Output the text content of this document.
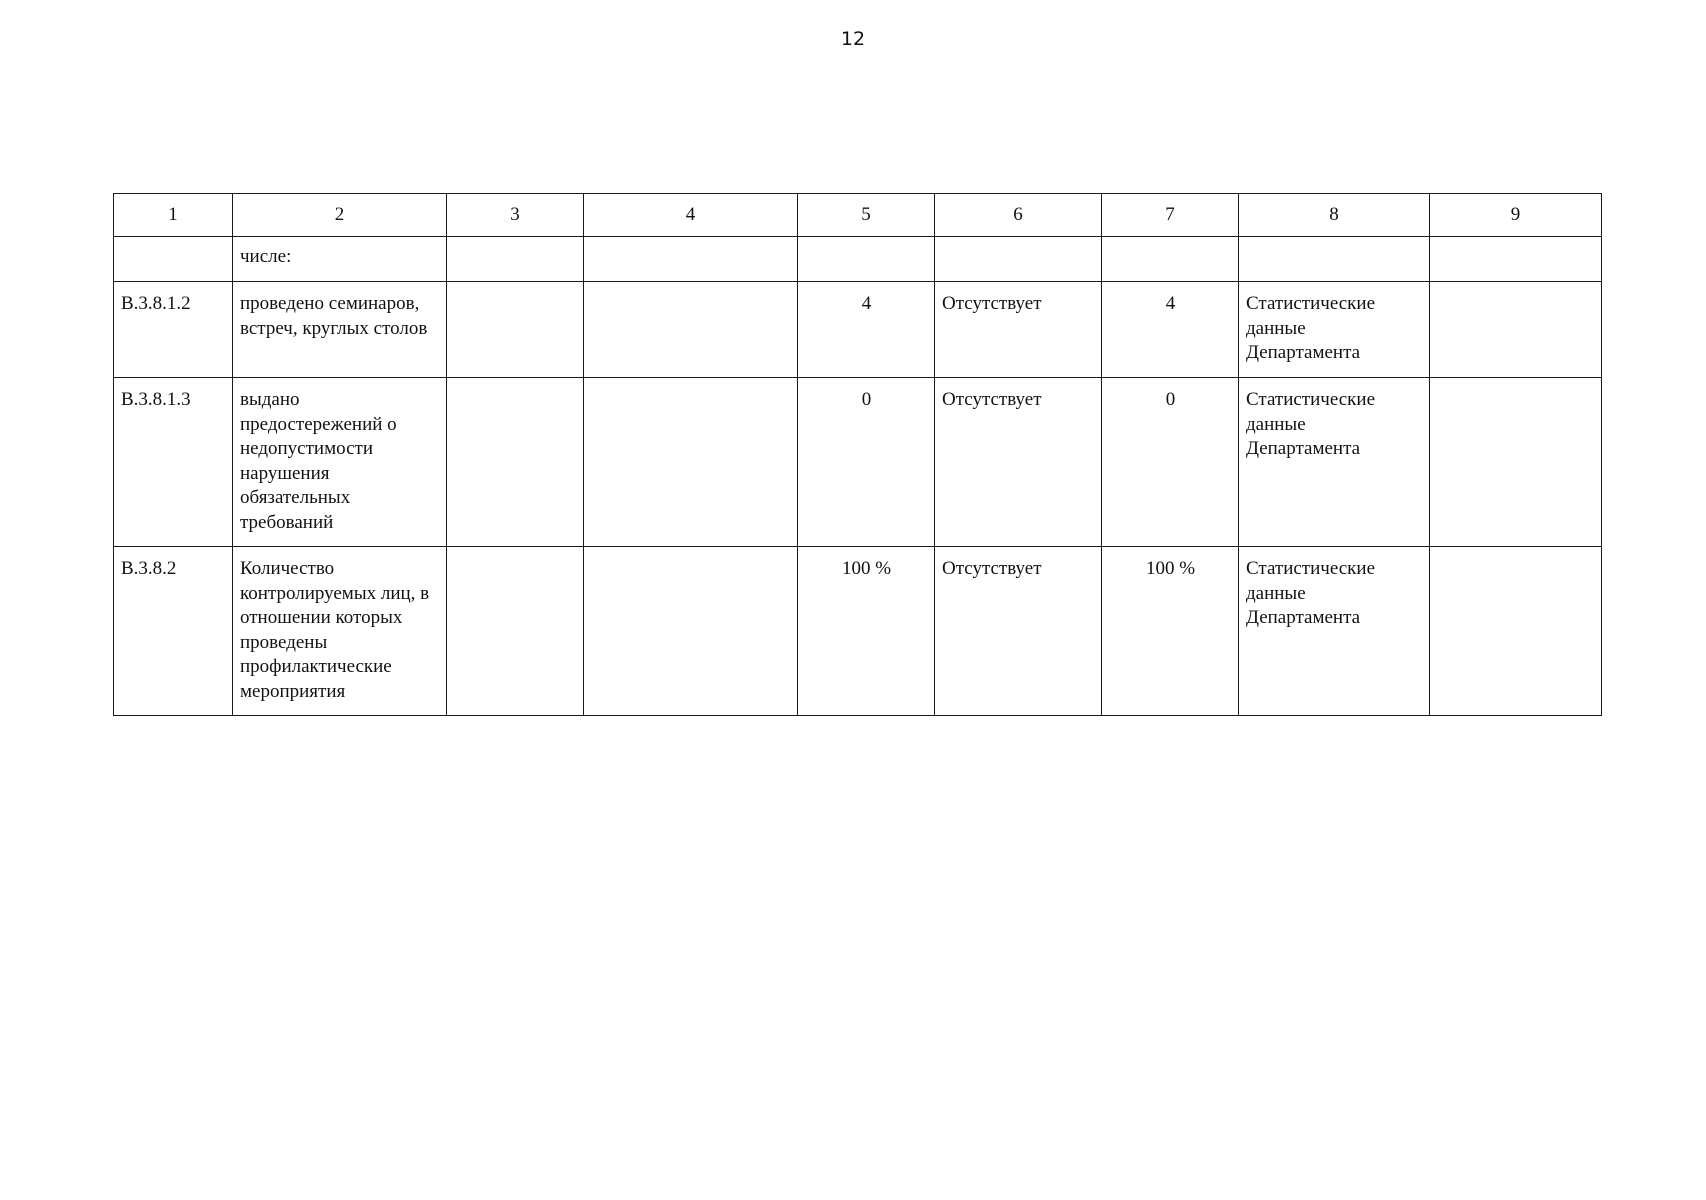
12
1	2	3	4	5	6	7	8	9
	числе:							
В.3.8.1.2	проведено семинаров, встреч, круглых столов			4	Отсутствует	4	Статистические данные Департамента	
В.3.8.1.3	выдано предостережений о недопустимости нарушения обязательных требований			0	Отсутствует	0	Статистические данные Департамента	
В.3.8.2	Количество контролируемых лиц, в отношении которых проведены профилактические мероприятия			100 %	Отсутствует	100 %	Статистические данные Департамента	
